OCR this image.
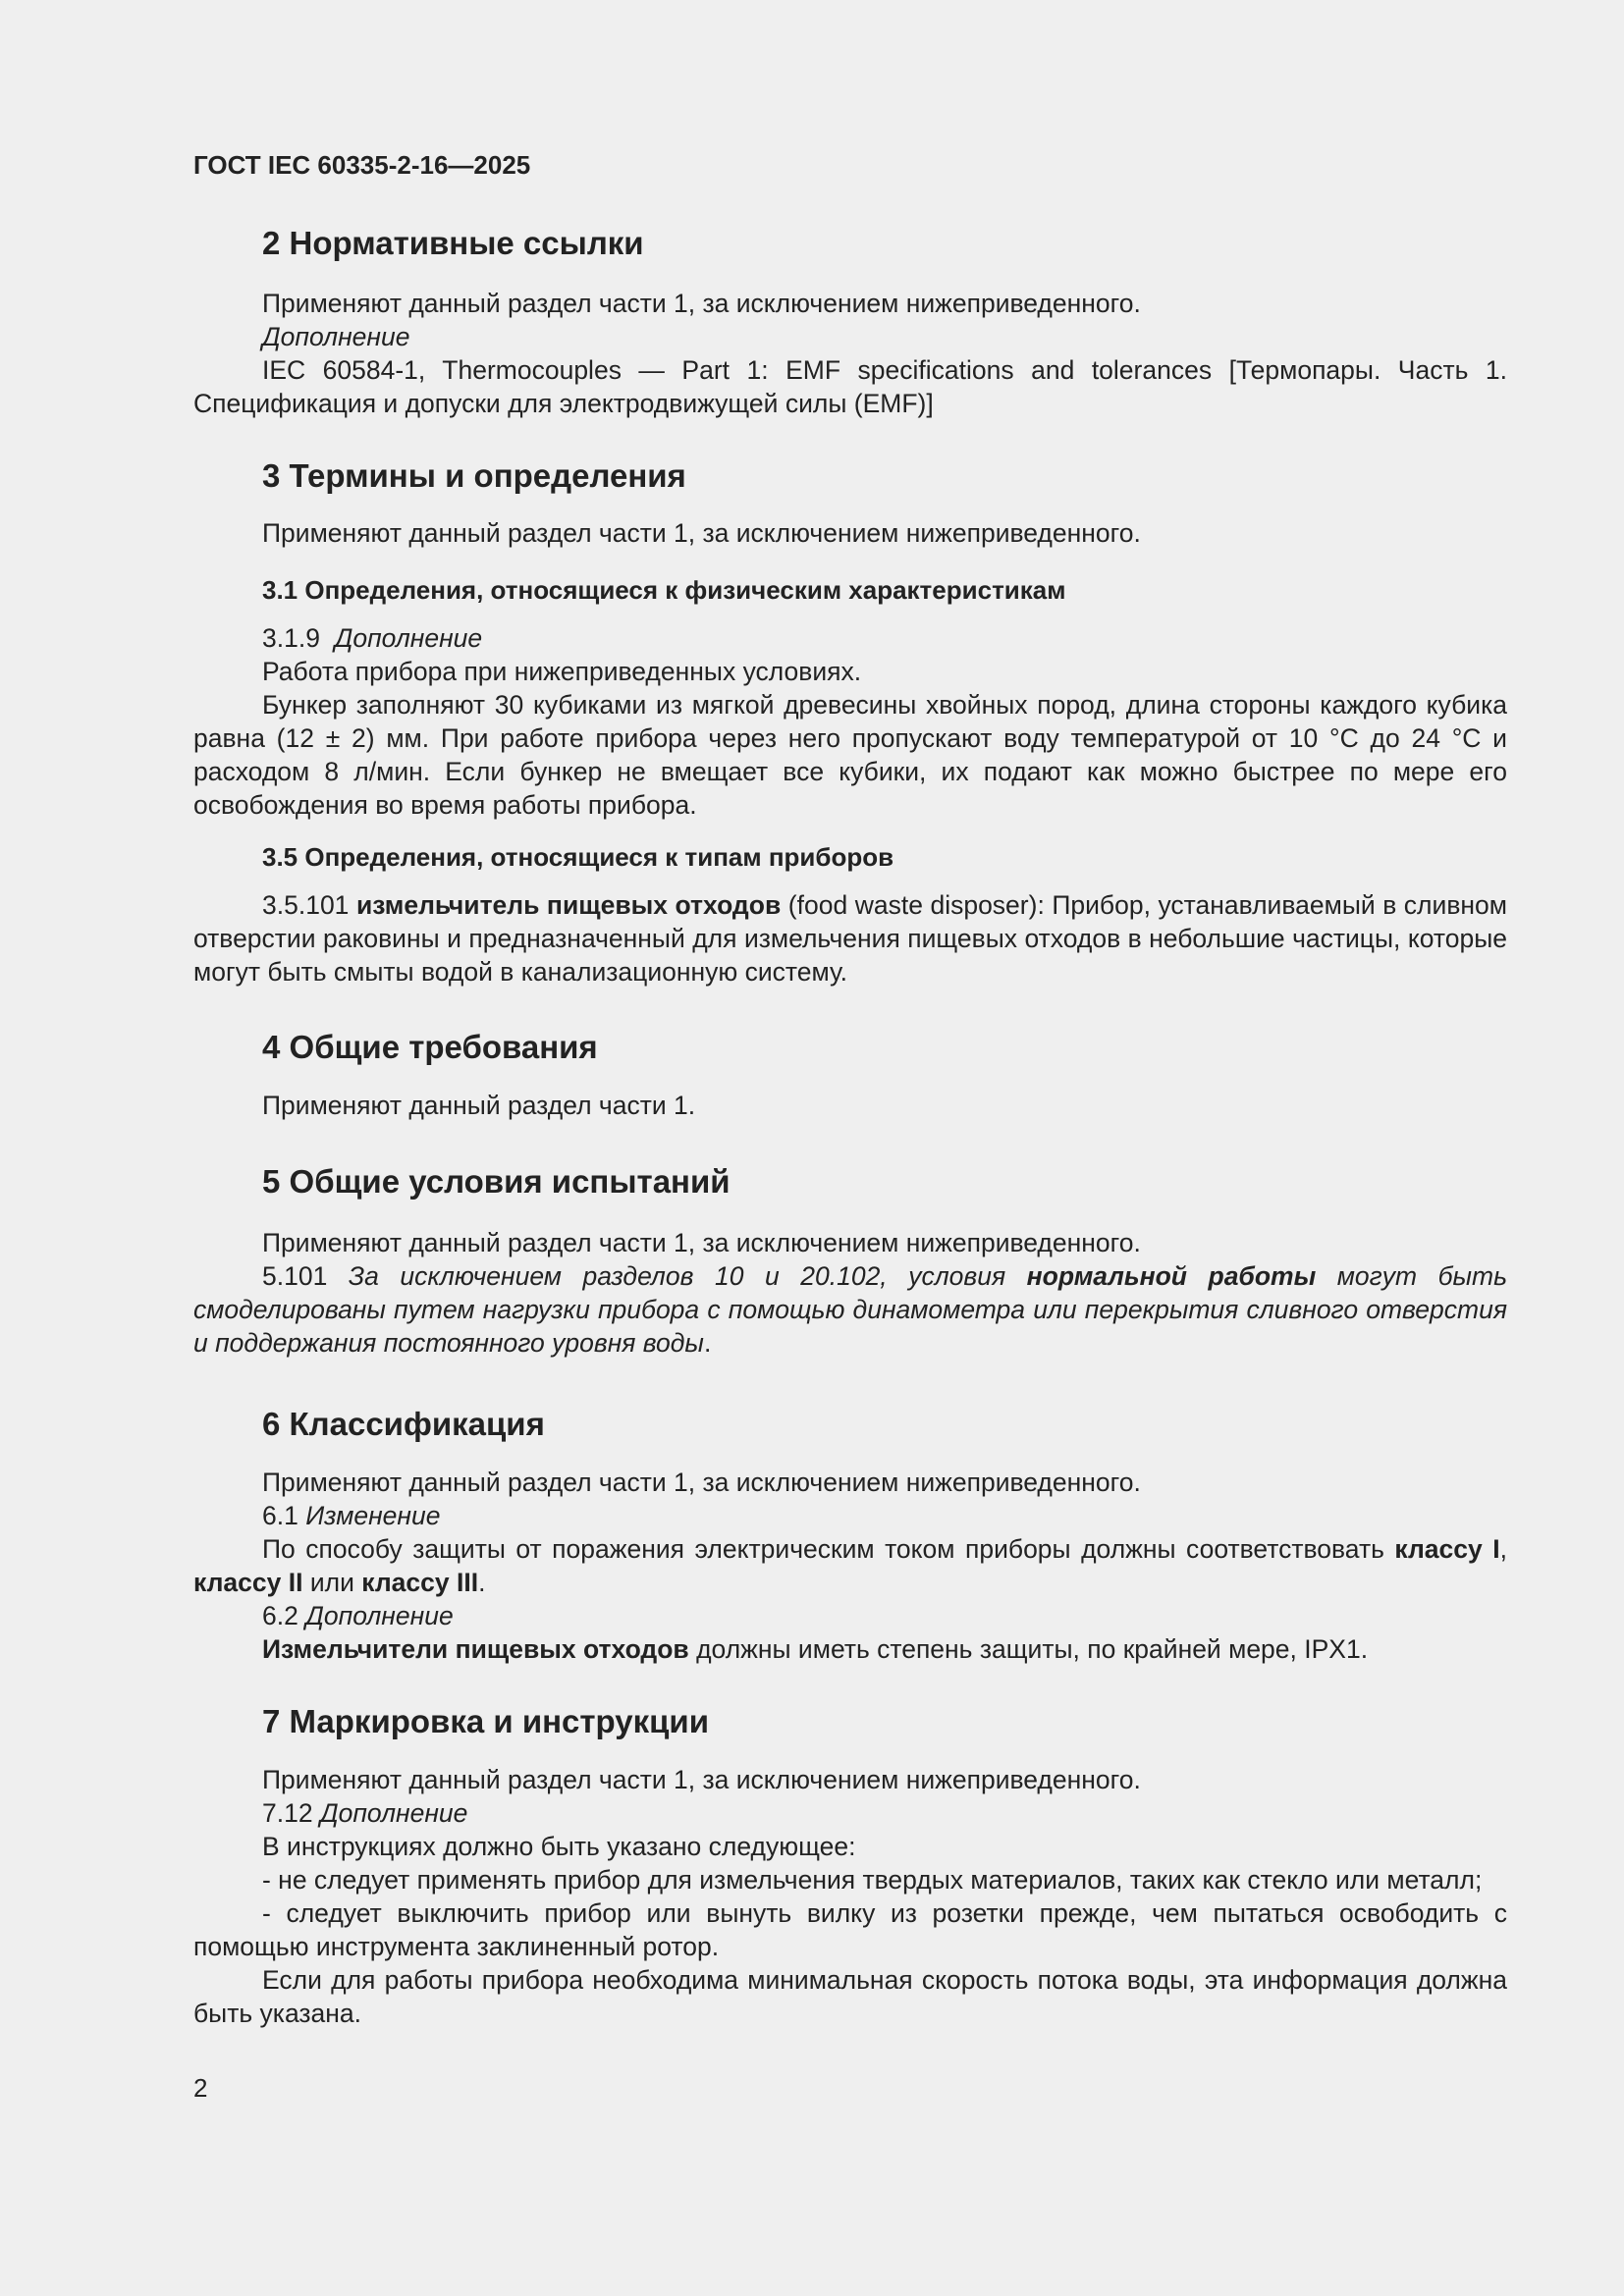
ГОСТ IEC 60335-2-16—2025
2 Нормативные ссылки

Применяют данный раздел части 1, за исключением нижеприведенного.

Дополнение

IEC 60584-1, Thermocouples — Part 1: EMF specifications and tolerances [Термопары. Часть 1. Спецификация и допуски для электродвижущей силы (EMF)]

3 Термины и определения

Применяют данный раздел части 1, за исключением нижеприведенного.

3.1 Определения, относящиеся к физическим характеристикам

3.1.9 Дополнение

Работа прибора при нижеприведенных условиях.

Бункер заполняют 30 кубиками из мягкой древесины хвойных пород, длина стороны каждого кубика равна (12 ± 2) мм. При работе прибора через него пропускают воду температурой от 10 °C до 24 °C и расходом 8 л/мин. Если бункер не вмещает все кубики, их подают как можно быстрее по мере его освобождения во время работы прибора.

3.5 Определения, относящиеся к типам приборов

3.5.101 измельчитель пищевых отходов (food waste disposer): Прибор, устанавливаемый в сливном отверстии раковины и предназначенный для измельчения пищевых отходов в небольшие частицы, которые могут быть смыты водой в канализационную систему.

4 Общие требования

Применяют данный раздел части 1.

5 Общие условия испытаний

Применяют данный раздел части 1, за исключением нижеприведенного.

5.101 За исключением разделов 10 и 20.102, условия нормальной работы могут быть смоделированы путем нагрузки прибора с помощью динамометра или перекрытия сливного отверстия и поддержания постоянного уровня воды.

6 Классификация

Применяют данный раздел части 1, за исключением нижеприведенного.

6.1 Изменение

По способу защиты от поражения электрическим током приборы должны соответствовать классу I, классу II или классу III.

6.2 Дополнение

Измельчители пищевых отходов должны иметь степень защиты, по крайней мере, IPX1.

7 Маркировка и инструкции

Применяют данный раздел части 1, за исключением нижеприведенного.

7.12 Дополнение

В инструкциях должно быть указано следующее:

- не следует применять прибор для измельчения твердых материалов, таких как стекло или металл;

- следует выключить прибор или вынуть вилку из розетки прежде, чем пытаться освободить с помощью инструмента заклиненный ротор.

Если для работы прибора необходима минимальная скорость потока воды, эта информация должна быть указана.

2
